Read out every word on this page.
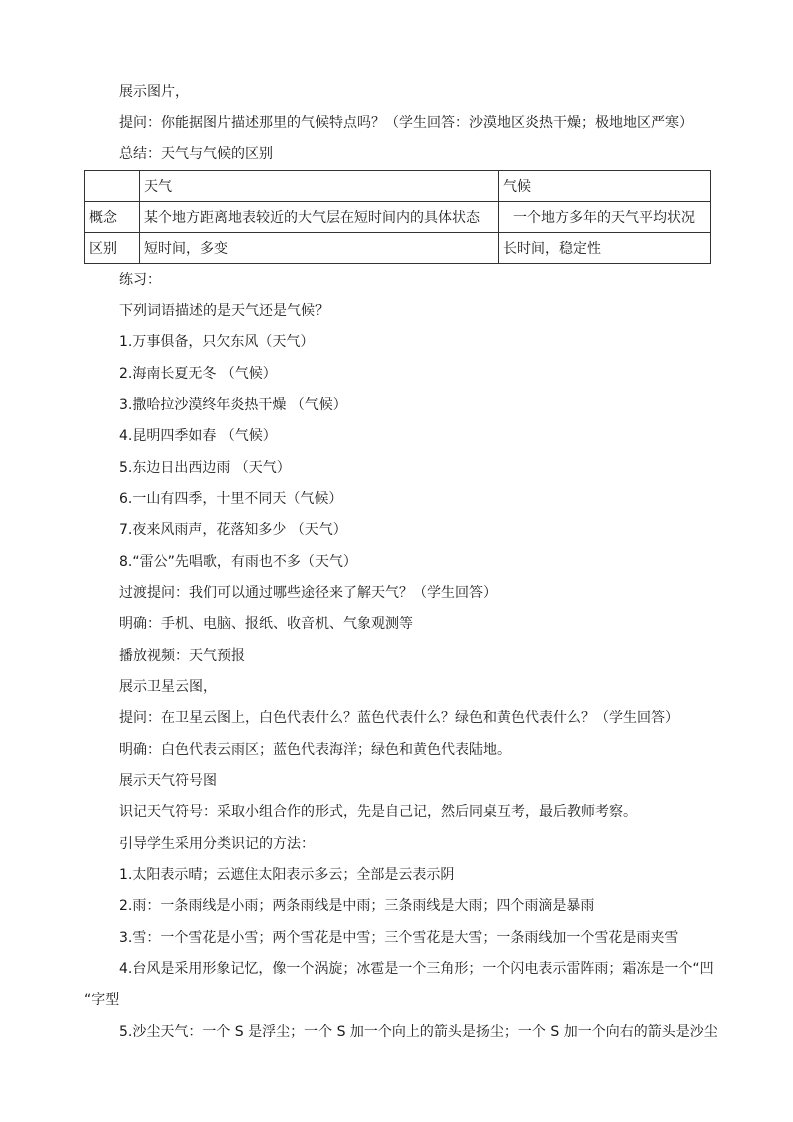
展示图片，
提问：你能据图片描述那里的气候特点吗？（学生回答：沙漠地区炎热干燥；极地地区严寒）
总结：天气与气候的区别
	天气	气候
概念	某个地方距离地表较近的大气层在短时间内的具体状态	一个地方多年的天气平均状况
区别	短时间，多变	长时间，稳定性
练习：
下列词语描述的是天气还是气候？
1.万事俱备，只欠东风（天气）
2.海南长夏无冬 （气候）
3.撒哈拉沙漠终年炎热干燥 （气候）
4.昆明四季如春 （气候）
5.东边日出西边雨 （天气）
6.一山有四季，十里不同天（气候）
7.夜来风雨声，花落知多少 （天气）
8.“雷公”先唱歌，有雨也不多（天气）
过渡提问：我们可以通过哪些途径来了解天气？（学生回答）
明确：手机、电脑、报纸、收音机、气象观测等
播放视频：天气预报
展示卫星云图，
提问：在卫星云图上，白色代表什么？蓝色代表什么？绿色和黄色代表什么？（学生回答）
明确：白色代表云雨区；蓝色代表海洋；绿色和黄色代表陆地。
展示天气符号图
识记天气符号：采取小组合作的形式，先是自己记，然后同桌互考，最后教师考察。
引导学生采用分类识记的方法：
1.太阳表示晴；云遮住太阳表示多云；全部是云表示阴
2.雨：一条雨线是小雨；两条雨线是中雨；三条雨线是大雨；四个雨滴是暴雨
3.雪：一个雪花是小雪；两个雪花是中雪；三个雪花是大雪；一条雨线加一个雪花是雨夹雪
4.台风是采用形象记忆，像一个涡旋；冰雹是一个三角形；一个闪电表示雷阵雨；霜冻是一个“凹
“字型
5.沙尘天气：一个 S 是浮尘；一个 S 加一个向上的箭头是扬尘；一个 S 加一个向右的箭头是沙尘
